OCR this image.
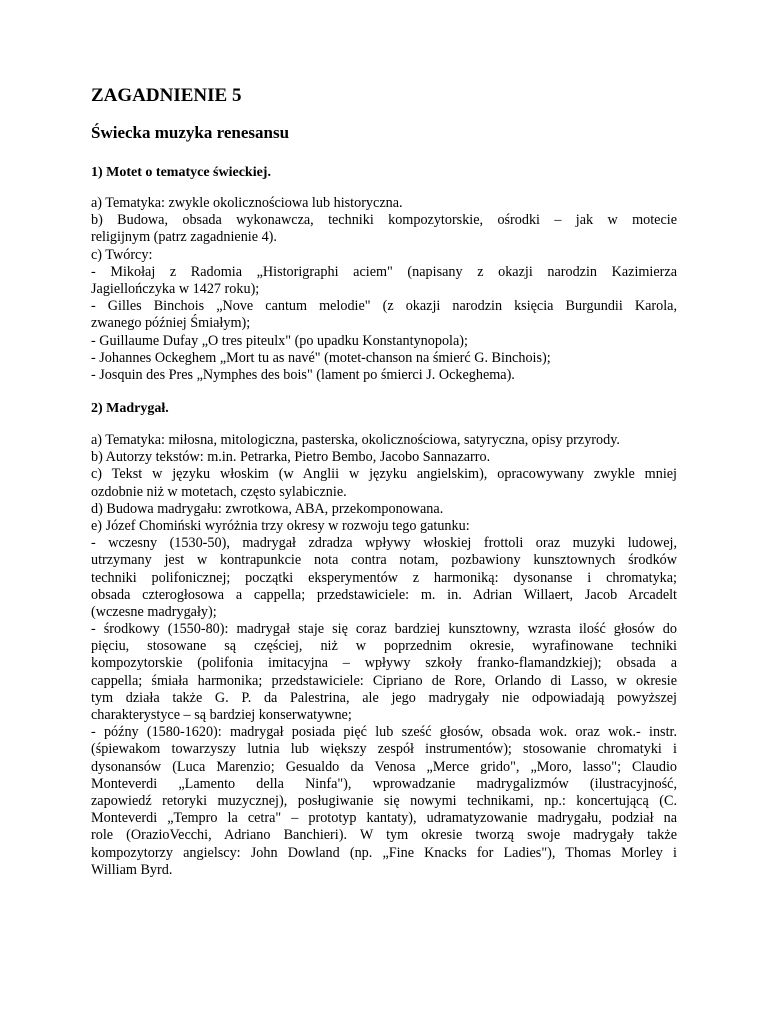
ZAGADNIENIE 5
Świecka muzyka renesansu
1) Motet o tematyce świeckiej.
a) Tematyka: zwykle okolicznościowa lub historyczna.
b) Budowa, obsada wykonawcza, techniki kompozytorskie, ośrodki – jak w motecie
religijnym (patrz zagadnienie 4).
c) Twórcy:
- Mikołaj z Radomia „Historigraphi aciem" (napisany z okazji narodzin Kazimierza
Jagiellończyka w 1427 roku);
- Gilles Binchois „Nove cantum melodie" (z okazji narodzin księcia Burgundii Karola,
zwanego później Śmiałym);
- Guillaume Dufay „O tres piteulx" (po upadku Konstantynopola);
- Johannes Ockeghem „Mort tu as navé" (motet-chanson na śmierć G. Binchois);
- Josquin des Pres „Nymphes des bois" (lament po śmierci J. Ockeghema).
2) Madrygał.
a) Tematyka: miłosna, mitologiczna, pasterska, okolicznościowa, satyryczna, opisy przyrody.
b) Autorzy tekstów: m.in. Petrarka, Pietro Bembo, Jacobo Sannazarro.
c) Tekst w języku włoskim (w Anglii w języku angielskim), opracowywany zwykle mniej
ozdobnie niż w motetach, często sylabicznie.
d) Budowa madrygału: zwrotkowa, ABA, przekomponowana.
e) Józef Chomiński wyróżnia trzy okresy w rozwoju tego gatunku:
- wczesny (1530-50), madrygał zdradza wpływy włoskiej frottoli oraz muzyki ludowej,
utrzymany jest w kontrapunkcie nota contra notam, pozbawiony kunsztownych środków
techniki polifonicznej; początki eksperymentów z harmoniką: dysonanse i chromatyka;
obsada czterogłosowa a cappella; przedstawiciele: m. in. Adrian Willaert, Jacob Arcadelt
(wczesne madrygały);
- środkowy (1550-80): madrygał staje się coraz bardziej kunsztowny, wzrasta ilość głosów do
pięciu, stosowane są częściej, niż w poprzednim okresie, wyrafinowane techniki
kompozytorskie (polifonia imitacyjna – wpływy szkoły franko-flamandzkiej); obsada a
cappella; śmiała harmonika; przedstawiciele: Cipriano de Rore, Orlando di Lasso, w okresie
tym działa także G. P. da Palestrina, ale jego madrygały nie odpowiadają powyższej
charakterystyce – są bardziej konserwatywne;
- późny (1580-1620): madrygał posiada pięć lub sześć głosów, obsada wok. oraz wok.- instr.
(śpiewakom towarzyszy lutnia lub większy zespół instrumentów); stosowanie chromatyki i
dysonansów (Luca Marenzio; Gesualdo da Venosa „Merce grido", „Moro, lasso"; Claudio
Monteverdi „Lamento della Ninfa"), wprowadzanie madrygalizmów (ilustracyjność,
zapowiedź retoryki muzycznej), posługiwanie się nowymi technikami, np.: koncertującą (C.
Monteverdi „Tempro la cetra" – prototyp kantaty), udramatyzowanie madrygału, podział na
role (OrazioVecchi, Adriano Banchieri). W tym okresie tworzą swoje madrygały także
kompozytorzy angielscy: John Dowland (np. „Fine Knacks for Ladies"), Thomas Morley i
William Byrd.
